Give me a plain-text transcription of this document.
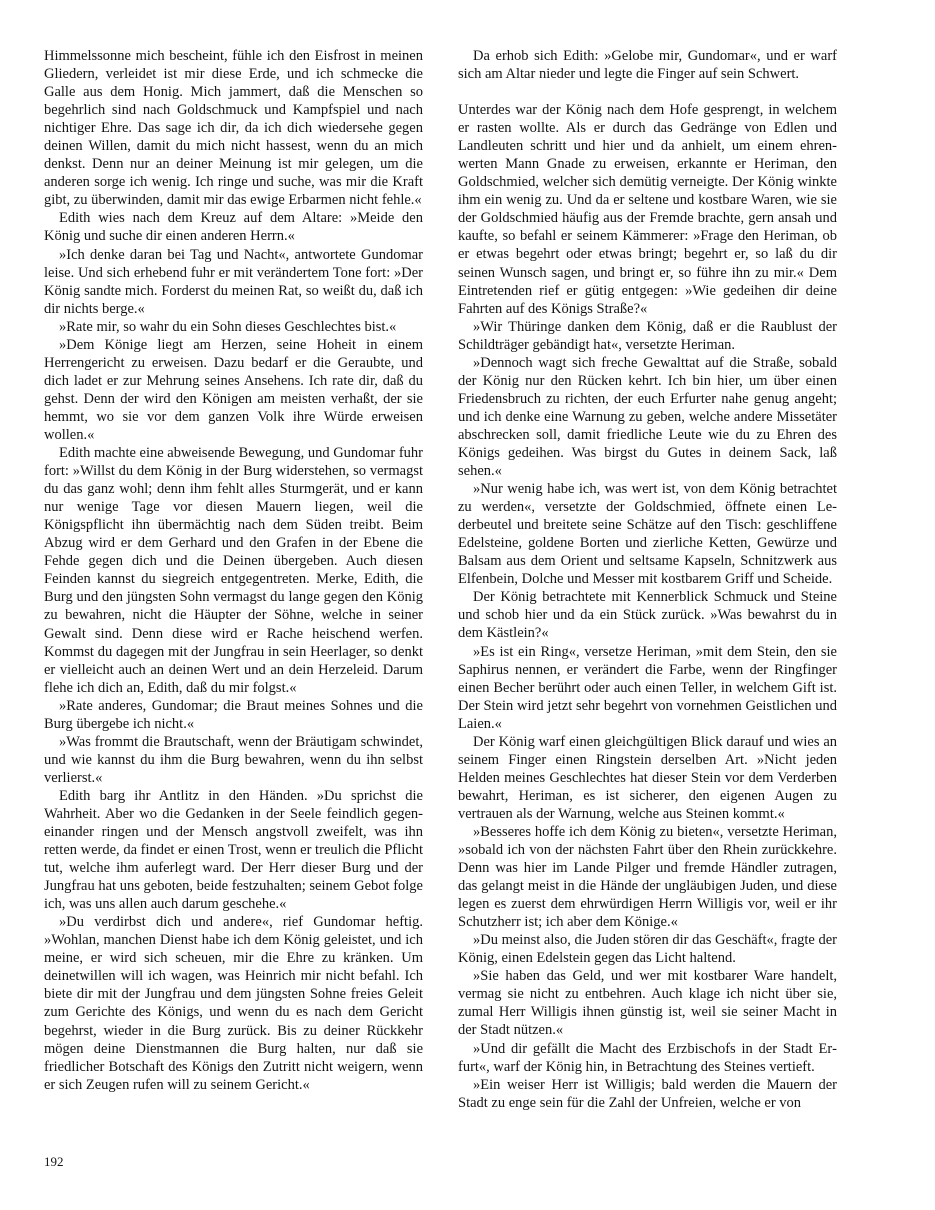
Himmelssonne mich bescheint, fühle ich den Eisfrost in meinen Gliedern, verleidet ist mir diese Erde, und ich schmecke die Galle aus dem Honig. Mich jammert, daß die Menschen so begehrlich sind nach Goldschmuck und Kampfspiel und nach nichtiger Ehre. Das sage ich dir, da ich dich wiedersehe gegen deinen Willen, damit du mich nicht hassest, wenn du an mich denkst. Denn nur an deiner Meinung ist mir gelegen, um die anderen sorge ich wenig. Ich ringe und suche, was mir die Kraft gibt, zu überwinden, damit mir das ewige Erbarmen nicht fehle.«

Edith wies nach dem Kreuz auf dem Altare: »Meide den König und suche dir einen anderen Herrn.«

»Ich denke daran bei Tag und Nacht«, antwortete Gundomar leise. Und sich erhebend fuhr er mit verändertem Tone fort: »Der König sandte mich. Forderst du meinen Rat, so weißt du, daß ich dir nichts berge.«

»Rate mir, so wahr du ein Sohn dieses Geschlechtes bist.«

»Dem Könige liegt am Herzen, seine Hoheit in einem Herrengericht zu erweisen. Dazu bedarf er die Geraubte, und dich ladet er zur Mehrung seines Ansehens. Ich rate dir, daß du gehst. Denn der wird den Königen am meisten verhaßt, der sie hemmt, wo sie vor dem ganzen Volk ihre Würde erweisen wollen.«

Edith machte eine abweisende Bewegung, und Gundomar fuhr fort: »Willst du dem König in der Burg widerstehen, so vermagst du das ganz wohl; denn ihm fehlt alles Sturmgerät, und er kann nur wenige Tage vor diesen Mauern liegen, weil die Königspflicht ihn übermächtig nach dem Süden treibt. Beim Abzug wird er dem Gerhard und den Grafen in der Ebene die Fehde gegen dich und die Deinen übergeben. Auch diesen Feinden kannst du siegreich entgegentreten. Merke, Edith, die Burg und den jüngsten Sohn vermagst du lange gegen den König zu bewahren, nicht die Häupter der Söhne, welche in seiner Gewalt sind. Denn diese wird er Rache heischend werfen. Kommst du dagegen mit der Jungfrau in sein Heerlager, so denkt er vielleicht auch an deinen Wert und an dein Herzeleid. Darum flehe ich dich an, Edith, daß du mir folgst.«

»Rate anderes, Gundomar; die Braut meines Sohnes und die Burg übergebe ich nicht.«

»Was frommt die Brautschaft, wenn der Bräutigam schwindet, und wie kannst du ihm die Burg bewahren, wenn du ihn selbst verlierst.«

Edith barg ihr Antlitz in den Händen. »Du sprichst die Wahrheit. Aber wo die Gedanken in der Seele feindlich gegeneinander ringen und der Mensch angstvoll zweifelt, was ihn retten werde, da findet er einen Trost, wenn er treulich die Pflicht tut, welche ihm auferlegt ward. Der Herr dieser Burg und der Jungfrau hat uns geboten, beide festzuhalten; seinem Gebot folge ich, was uns allen auch darum geschehe.«

»Du verdirbst dich und andere«, rief Gundomar heftig. »Wohlan, manchen Dienst habe ich dem König geleistet, und ich meine, er wird sich scheuen, mir die Ehre zu kränken. Um deinetwillen will ich wagen, was Heinrich mir nicht befahl. Ich biete dir mit der Jungfrau und dem jüngsten Sohne freies Geleit zum Gerichte des Königs, und wenn du es nach dem Gericht begehrst, wieder in die Burg zurück. Bis zu deiner Rückkehr mögen deine Dienstmannen die Burg halten, nur daß sie friedlicher Botschaft des Königs den Zutritt nicht weigern, wenn er sich Zeugen rufen will zu seinem Gericht.«

Da erhob sich Edith: »Gelobe mir, Gundomar«, und er warf sich am Altar nieder und legte die Finger auf sein Schwert.

Unterdes war der König nach dem Hofe gesprengt, in welchem er rasten wollte. Als er durch das Gedränge von Edlen und Landleuten schritt und hier und da anhielt, um einem ehrenwerten Mann Gnade zu erweisen, erkannte er Heriman, den Goldschmied, welcher sich demütig verneigte. Der König winkte ihm ein wenig zu. Und da er seltene und kostbare Waren, wie sie der Goldschmied häufig aus der Fremde brachte, gern ansah und kaufte, so befahl er seinem Kämmerer: »Frage den Heriman, ob er etwas begehrt oder etwas bringt; begehrt er, so laß du dir seinen Wunsch sagen, und bringt er, so führe ihn zu mir.« Dem Eintretenden rief er gütig entgegen: »Wie gedeihen dir deine Fahrten auf des Königs Straße?«

»Wir Thüringe danken dem König, daß er die Raublust der Schildträger gebändigt hat«, versetzte Heriman.

»Dennoch wagt sich freche Gewalttat auf die Straße, sobald der König nur den Rücken kehrt. Ich bin hier, um über einen Friedensbruch zu richten, der euch Erfurter nahe genug angeht; und ich denke eine Warnung zu geben, welche andere Missetäter abschrecken soll, damit friedliche Leute wie du zu Ehren des Königs gedeihen. Was birgst du Gutes in deinem Sack, laß sehen.«

»Nur wenig habe ich, was wert ist, von dem König betrachtet zu werden«, versetzte der Goldschmied, öffnete einen Lederbeutel und breitete seine Schätze auf den Tisch: geschliffene Edelsteine, goldene Borten und zierliche Ketten, Gewürze und Balsam aus dem Orient und seltsame Kapseln, Schnitzwerk aus Elfenbein, Dolche und Messer mit kostbarem Griff und Scheide.

Der König betrachtete mit Kennerblick Schmuck und Steine und schob hier und da ein Stück zurück. »Was bewahrst du in dem Kästlein?«

»Es ist ein Ring«, versetze Heriman, »mit dem Stein, den sie Saphirus nennen, er verändert die Farbe, wenn der Ringfinger einen Becher berührt oder auch einen Teller, in welchem Gift ist. Der Stein wird jetzt sehr begehrt von vornehmen Geistlichen und Laien.«

Der König warf einen gleichgültigen Blick darauf und wies an seinem Finger einen Ringstein derselben Art. »Nicht jeden Helden meines Geschlechtes hat dieser Stein vor dem Verderben bewahrt, Heriman, es ist sicherer, den eigenen Augen zu vertrauen als der Warnung, welche aus Steinen kommt.«

»Besseres hoffe ich dem König zu bieten«, versetzte Heriman, »sobald ich von der nächsten Fahrt über den Rhein zurückkehre. Denn was hier im Lande Pilger und fremde Händler zutragen, das gelangt meist in die Hände der ungläubigen Juden, und diese legen es zuerst dem ehrwürdigen Herrn Willigis vor, weil er ihr Schutzherr ist; ich aber dem Könige.«

»Du meinst also, die Juden stören dir das Geschäft«, fragte der König, einen Edelstein gegen das Licht haltend.

»Sie haben das Geld, und wer mit kostbarer Ware handelt, vermag sie nicht zu entbehren. Auch klage ich nicht über sie, zumal Herr Willigis ihnen günstig ist, weil sie seiner Macht in der Stadt nützen.«

»Und dir gefällt die Macht des Erzbischofs in der Stadt Erfurt«, warf der König hin, in Betrachtung des Steines vertieft.

»Ein weiser Herr ist Willigis; bald werden die Mauern der Stadt zu enge sein für die Zahl der Unfreien, welche er von

192
